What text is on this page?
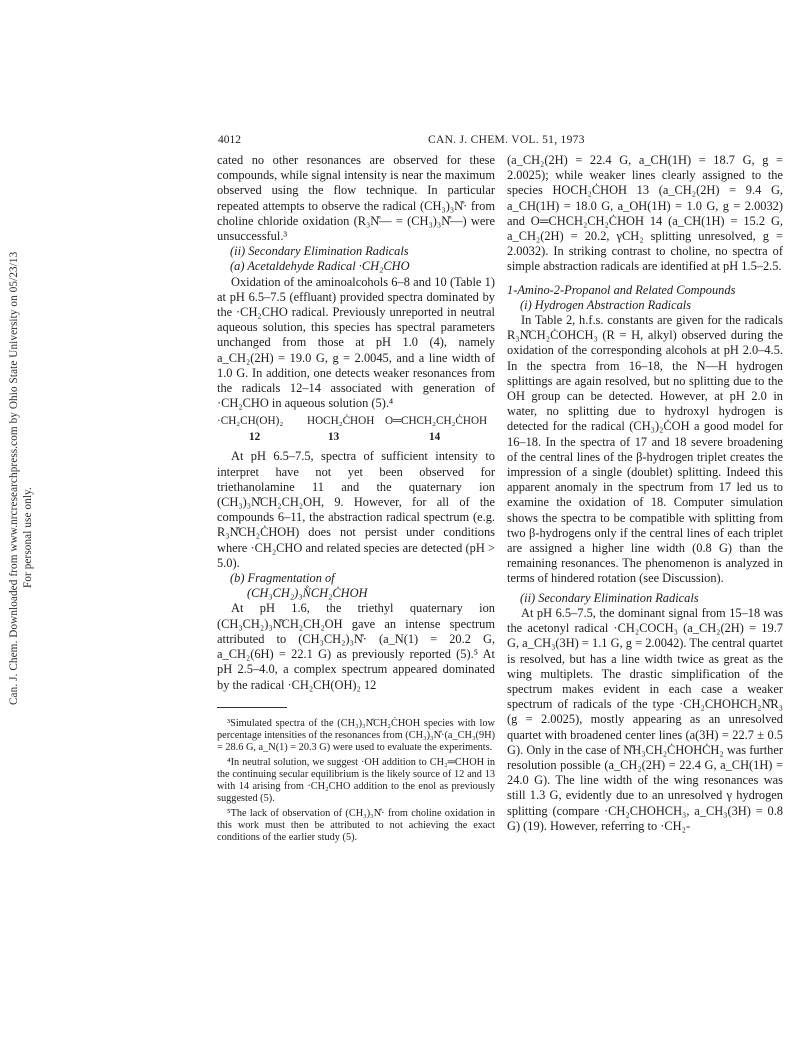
Can. J. Chem. Downloaded from www.nrcresearchpress.com by Ohio State University on 05/23/13 For personal use only.
4012	CAN. J. CHEM. VOL. 51, 1973

cated no other resonances are observed for these compounds, while signal intensity is near the maximum observed using the flow technique. In particular repeated attempts to observe the radical (CH₃)₃N̊· from choline chloride oxidation (R₃N̊— = (CH₃)₃N̊—) were unsuccessful.³

(ii) Secondary Elimination Radicals

(a) Acetaldehyde Radical ·CH₂CHO

Oxidation of the aminoalcohols 6–8 and 10 (Table 1) at pH 6.5–7.5 (effluant) provided spectra dominated by the ·CH₂CHO radical. Previously unreported in neutral aqueous solution, this species has spectral parameters unchanged from those at pH 1.0 (4), namely a_CH₂(2H) = 19.0 G, g = 2.0045, and a line width of 1.0 G. In addition, one detects weaker resonances from the radicals 12–14 associated with generation of ·CH₂CHO in aqueous solution (5).⁴

·CH₂CH(OH)₂ HOCH₂ĊHOH O═CHCH₂CH₂ĊHOH
12	13	14

At pH 6.5–7.5, spectra of sufficient intensity to interpret have not yet been observed for triethanolamine 11 and the quaternary ion (CH₃)₃N̊CH₂CH₂OH, 9. However, for all of the compounds 6–11, the abstraction radical spectrum (e.g. R₃N̊CH₂ĊHOH) does not persist under conditions where ·CH₂CHO and related species are detected (pH > 5.0).

(b) Fragmentation of

(CH₃CH₂)₃N̊CH₂ĊHOH

At pH 1.6, the triethyl quaternary ion (CH₃CH₂)₃N̊CH₂CH₂OH gave an intense spectrum attributed to (CH₃CH₂)₃N̊· (a_N(1) = 20.2 G, a_CH₂(6H) = 22.1 G) as previously reported (5).⁵ At pH 2.5–4.0, a complex spectrum appeared dominated by the radical ·CH₂CH(OH)₂ 12

³Simulated spectra of the (CH₃)₃N̊CH₂ĊHOH species with low percentage intensities of the resonances from (CH₃)₃N̊·(a_CH₃(9H) = 28.6 G, a_N(1) = 20.3 G) were used to evaluate the experiments.

⁴In neutral solution, we suggest ·OH addition to CH₂═CHOH in the continuing secular equilibrium is the likely source of 12 and 13 with 14 arising from ·CH₂CHO addition to the enol as previously suggested (5).

⁵The lack of observation of (CH₃)₃N̊· from choline oxidation in this work must then be attributed to not achieving the exact conditions of the earlier study (5).

(a_CH₂(2H) = 22.4 G, a_CH(1H) = 18.7 G, g = 2.0025); while weaker lines clearly assigned to the species HOCH₂ĊHOH 13 (a_CH₂(2H) = 9.4 G, a_CH(1H) = 18.0 G, a_OH(1H) = 1.0 G, g = 2.0032) and O═CHCH₂CH₂ĊHOH 14 (a_CH(1H) = 15.2 G, a_CH₂(2H) = 20.2, γCH₂ splitting unresolved, g = 2.0032). In striking contrast to choline, no spectra of simple abstraction radicals are identified at pH 1.5–2.5.

1-Amino-2-Propanol and Related Compounds

(i) Hydrogen Abstraction Radicals

In Table 2, h.f.s. constants are given for the radicals R₃N̊CH₂ĊOHCH₃ (R = H, alkyl) observed during the oxidation of the corresponding alcohols at pH 2.0–4.5. In the spectra from 16–18, the N—H hydrogen splittings are again resolved, but no splitting due to the OH group can be detected. However, at pH 2.0 in water, no splitting due to hydroxyl hydrogen is detected for the radical (CH₃)₂ĊOH a good model for 16–18. In the spectra of 17 and 18 severe broadening of the central lines of the β-hydrogen triplet creates the impression of a single (doublet) splitting. Indeed this apparent anomaly in the spectrum from 17 led us to examine the oxidation of 18. Computer simulation shows the spectra to be compatible with splitting from two β-hydrogens only if the central lines of each triplet are assigned a higher line width (0.8 G) than the remaining resonances. The phenomenon is analyzed in terms of hindered rotation (see Discussion).

(ii) Secondary Elimination Radicals

At pH 6.5–7.5, the dominant signal from 15–18 was the acetonyl radical ·CH₂COCH₃ (a_CH₂(2H) = 19.7 G, a_CH₃(3H) = 1.1 G, g = 2.0042). The central quartet is resolved, but has a line width twice as great as the wing multiplets. The drastic simplification of the spectrum makes evident in each case a weaker spectrum of radicals of the type ·CH₂CHOHCH₂N̊R₃ (g = 2.0025), mostly appearing as an unresolved quartet with broadened center lines (a(3H) = 22.7 ± 0.5 G). Only in the case of N̊H₃CH₂ĊHOHĊH₂ was further resolution possible (a_CH₂(2H) = 22.4 G, a_CH(1H) = 24.0 G). The line width of the wing resonances was still 1.3 G, evidently due to an unresolved γ hydrogen splitting (compare ·CH₂CHOHCH₃, a_CH₃(3H) = 0.8 G) (19). However, referring to ·CH₂-
